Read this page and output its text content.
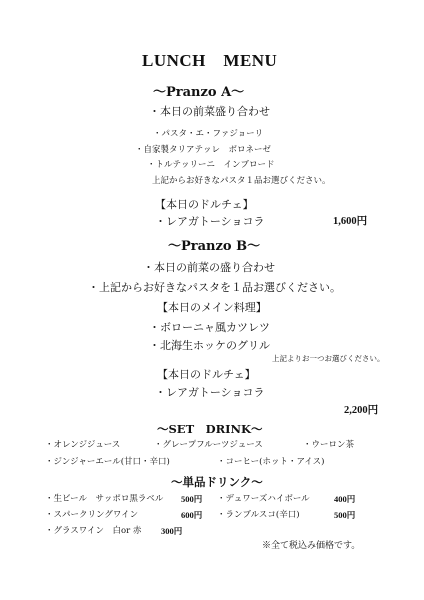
LUNCH　MENU
～Pranzo A～
・本日の前菜盛り合わせ
・パスタ・エ・ファジョーリ
・自家製タリアテッレ　ボロネーゼ
・トルテッリーニ　インブロード
上記からお好きなパスタ１品お選びください。
【本日のドルチェ】
・レアガトーショコラ	1,600円
～Pranzo B～
・本日の前菜の盛り合わせ
・上記からお好きなパスタを１品お選びください。
【本日のメイン料理】
・ボローニャ風カツレツ
・北海生ホッケのグリル
上記よりお一つお選びください。
【本日のドルチェ】
・レアガトーショコラ
2,200円
～SET　DRINK～
・オレンジジュース	・グレープフルーツジュース	・ウーロン茶
・ジンジャーエール(甘口・辛口)	・コーヒー(ホット・アイス)
～単品ドリンク～
・生ビール　サッポロ黒ラベル 500円 ・デュワーズハイボール	400円
・スパークリングワイン	600円 ・ランブルスコ(辛口)	500円
・グラスワイン　白or 赤 300円
※全て税込み価格です。
